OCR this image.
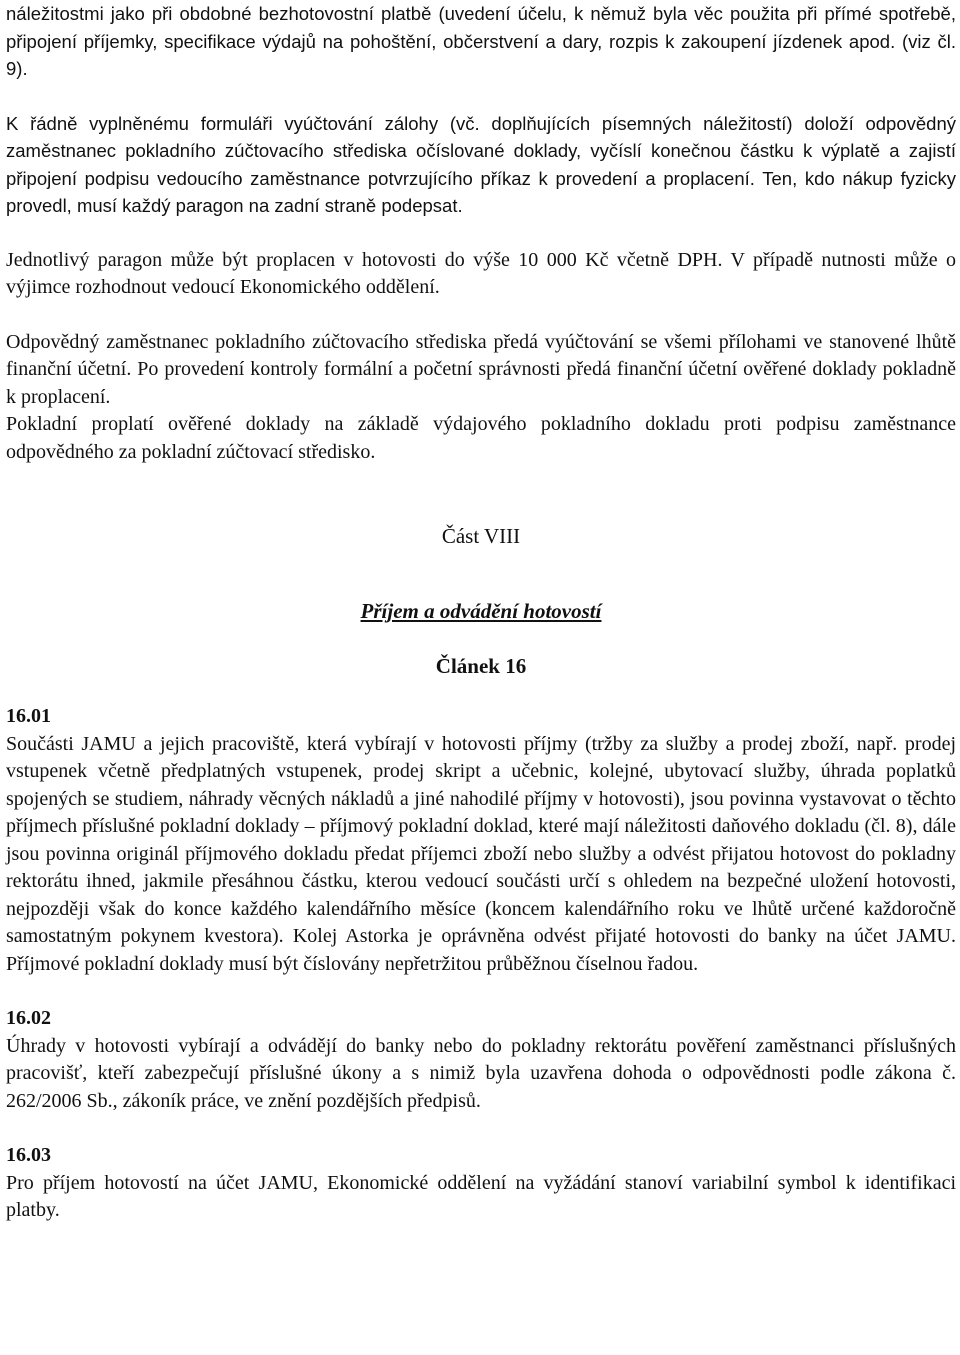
náležitostmi jako při obdobné bezhotovostní platbě (uvedení účelu, k němuž byla věc použita při přímé spotřebě, připojení příjemky, specifikace výdajů na pohoštění, občerstvení a dary, rozpis k zakoupení jízdenek apod. (viz čl. 9).

K řádně vyplněnému formuláři vyúčtování zálohy (vč. doplňujících písemných náležitostí) doloží odpovědný zaměstnanec pokladního zúčtovacího střediska očíslované doklady, vyčíslí konečnou částku k výplatě a zajistí připojení podpisu vedoucího zaměstnance potvrzujícího příkaz k provedení a proplacení. Ten, kdo nákup fyzicky provedl, musí každý paragon na zadní straně podepsat.

Jednotlivý paragon může být proplacen v hotovosti do výše 10 000 Kč včetně DPH. V případě nutnosti může o výjimce rozhodnout vedoucí Ekonomického oddělení.

Odpovědný zaměstnanec pokladního zúčtovacího střediska předá vyúčtování se všemi přílohami ve stanovené lhůtě finanční účetní. Po provedení kontroly formální a početní správnosti předá finanční účetní ověřené doklady pokladně k proplacení.

Pokladní proplatí ověřené doklady na základě výdajového pokladního dokladu proti podpisu zaměstnance odpovědného za pokladní zúčtovací středisko.

Část VIII

Příjem a odvádění hotovostí

Článek 16

16.01

Součásti JAMU a jejich pracoviště, která vybírají v hotovosti příjmy (tržby za služby a prodej zboží, např. prodej vstupenek včetně předplatných vstupenek, prodej skript a učebnic, kolejné, ubytovací služby, úhrada poplatků spojených se studiem, náhrady věcných nákladů a jiné nahodilé příjmy v hotovosti), jsou povinna vystavovat o těchto příjmech příslušné pokladní doklady – příjmový pokladní doklad, které mají náležitosti daňového dokladu (čl. 8), dále jsou povinna originál příjmového dokladu předat příjemci zboží nebo služby a odvést přijatou hotovost do pokladny rektorátu ihned, jakmile přesáhnou částku, kterou vedoucí součásti určí s ohledem na bezpečné uložení hotovosti, nejpozději však do konce každého kalendářního měsíce (koncem kalendářního roku ve lhůtě určené každoročně samostatným pokynem kvestora). Kolej Astorka je oprávněna odvést přijaté hotovosti do banky na účet JAMU. Příjmové pokladní doklady musí být číslovány nepřetržitou průběžnou číselnou řadou.

16.02

Úhrady v hotovosti vybírají a odvádějí do banky nebo do pokladny rektorátu pověření zaměstnanci příslušných pracovišť, kteří zabezpečují příslušné úkony a s nimiž byla uzavřena dohoda o odpovědnosti podle zákona č. 262/2006 Sb., zákoník práce, ve znění pozdějších předpisů.

16.03

Pro příjem hotovostí na účet JAMU, Ekonomické oddělení na vyžádání stanoví variabilní symbol k identifikaci platby.
